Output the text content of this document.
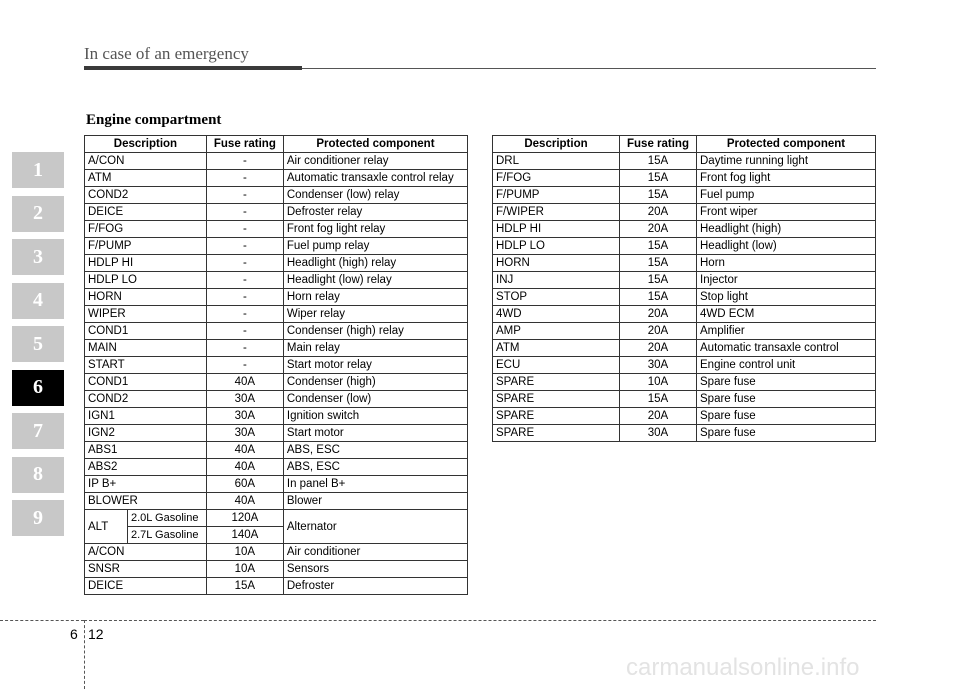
In case of an emergency
Engine compartment
1
2
3
4
5
6
7
8
9
Description		Fuse rating	Protected component
A/CON		-	Air conditioner relay
ATM		-	Automatic transaxle control relay
COND2		-	Condenser (low) relay
DEICE		-	Defroster relay
F/FOG		-	Front fog light relay
F/PUMP		-	Fuel pump relay
HDLP HI		-	Headlight (high) relay
HDLP LO		-	Headlight (low) relay
HORN		-	Horn relay
WIPER		-	Wiper relay
COND1		-	Condenser (high) relay
MAIN		-	Main relay
START		-	Start motor relay
COND1		40A	Condenser (high)
COND2		30A	Condenser (low)
IGN1		30A	Ignition switch
IGN2		30A	Start motor
ABS1		40A	ABS, ESC
ABS2		40A	ABS, ESC
IP B+		60A	In panel B+
BLOWER		40A	Blower
ALT	2.0L Gasoline	120A	Alternator
	2.7L Gasoline	140A	
A/CON		10A	Air conditioner
SNSR		10A	Sensors
DEICE		15A	Defroster
Description	Fuse rating	Protected component
DRL	15A	Daytime running light
F/FOG	15A	Front fog light
F/PUMP	15A	Fuel pump
F/WIPER	20A	Front wiper
HDLP HI	20A	Headlight (high)
HDLP LO	15A	Headlight (low)
HORN	15A	Horn
INJ	15A	Injector
STOP	15A	Stop light
4WD	20A	4WD ECM
AMP	20A	Amplifier
ATM	20A	Automatic transaxle control
ECU	30A	Engine control unit
SPARE	10A	Spare fuse
SPARE	15A	Spare fuse
SPARE	20A	Spare fuse
SPARE	30A	Spare fuse
6 12
carmanualsonline.info
